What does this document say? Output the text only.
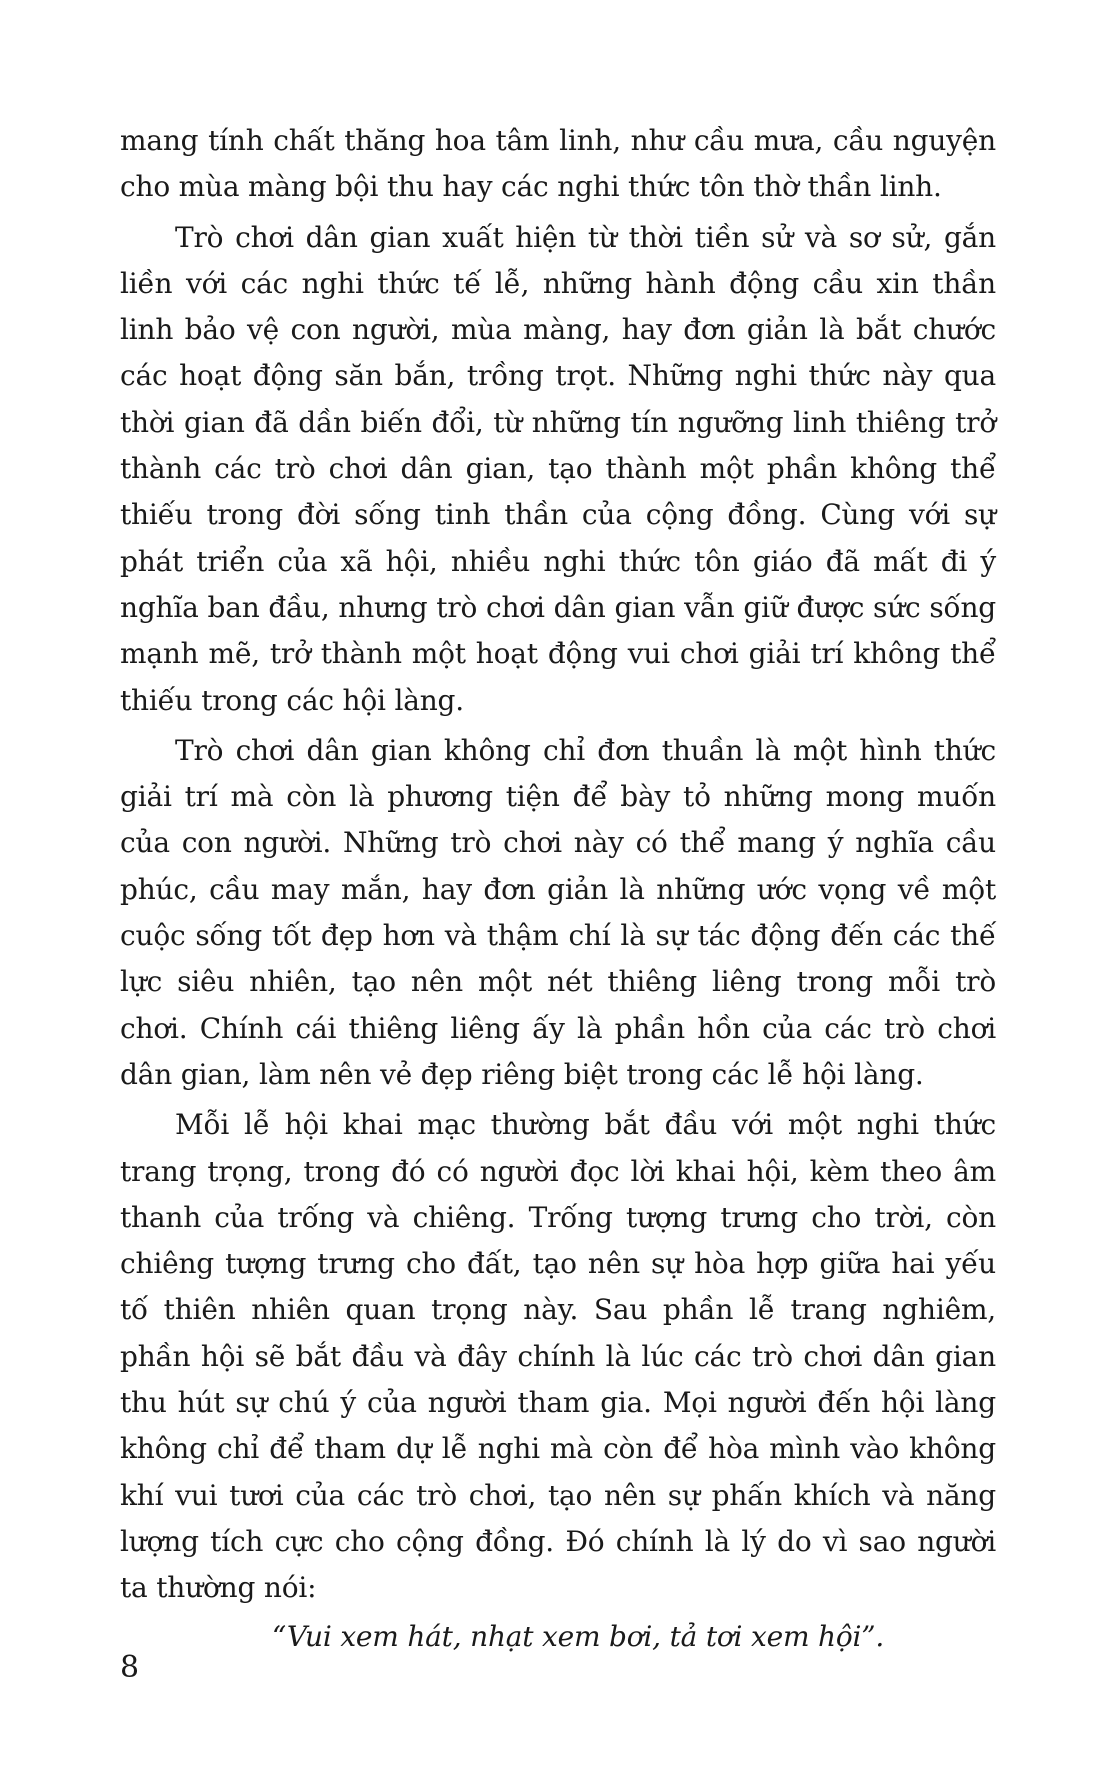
mang tính chất thăng hoa tâm linh, như cầu mưa, cầu nguyện cho mùa màng bội thu hay các nghi thức tôn thờ thần linh.

Trò chơi dân gian xuất hiện từ thời tiền sử và sơ sử, gắn liền với các nghi thức tế lễ, những hành động cầu xin thần linh bảo vệ con người, mùa màng, hay đơn giản là bắt chước các hoạt động săn bắn, trồng trọt. Những nghi thức này qua thời gian đã dần biến đổi, từ những tín ngưỡng linh thiêng trở thành các trò chơi dân gian, tạo thành một phần không thể thiếu trong đời sống tinh thần của cộng đồng. Cùng với sự phát triển của xã hội, nhiều nghi thức tôn giáo đã mất đi ý nghĩa ban đầu, nhưng trò chơi dân gian vẫn giữ được sức sống mạnh mẽ, trở thành một hoạt động vui chơi giải trí không thể thiếu trong các hội làng.

Trò chơi dân gian không chỉ đơn thuần là một hình thức giải trí mà còn là phương tiện để bày tỏ những mong muốn của con người. Những trò chơi này có thể mang ý nghĩa cầu phúc, cầu may mắn, hay đơn giản là những ước vọng về một cuộc sống tốt đẹp hơn và thậm chí là sự tác động đến các thế lực siêu nhiên, tạo nên một nét thiêng liêng trong mỗi trò chơi. Chính cái thiêng liêng ấy là phần hồn của các trò chơi dân gian, làm nên vẻ đẹp riêng biệt trong các lễ hội làng.

Mỗi lễ hội khai mạc thường bắt đầu với một nghi thức trang trọng, trong đó có người đọc lời khai hội, kèm theo âm thanh của trống và chiêng. Trống tượng trưng cho trời, còn chiêng tượng trưng cho đất, tạo nên sự hòa hợp giữa hai yếu tố thiên nhiên quan trọng này. Sau phần lễ trang nghiêm, phần hội sẽ bắt đầu và đây chính là lúc các trò chơi dân gian thu hút sự chú ý của người tham gia. Mọi người đến hội làng không chỉ để tham dự lễ nghi mà còn để hòa mình vào không khí vui tươi của các trò chơi, tạo nên sự phấn khích và năng lượng tích cực cho cộng đồng. Đó chính là lý do vì sao người ta thường nói:

“Vui xem hát, nhạt xem bơi, tả tơi xem hội”.

8
